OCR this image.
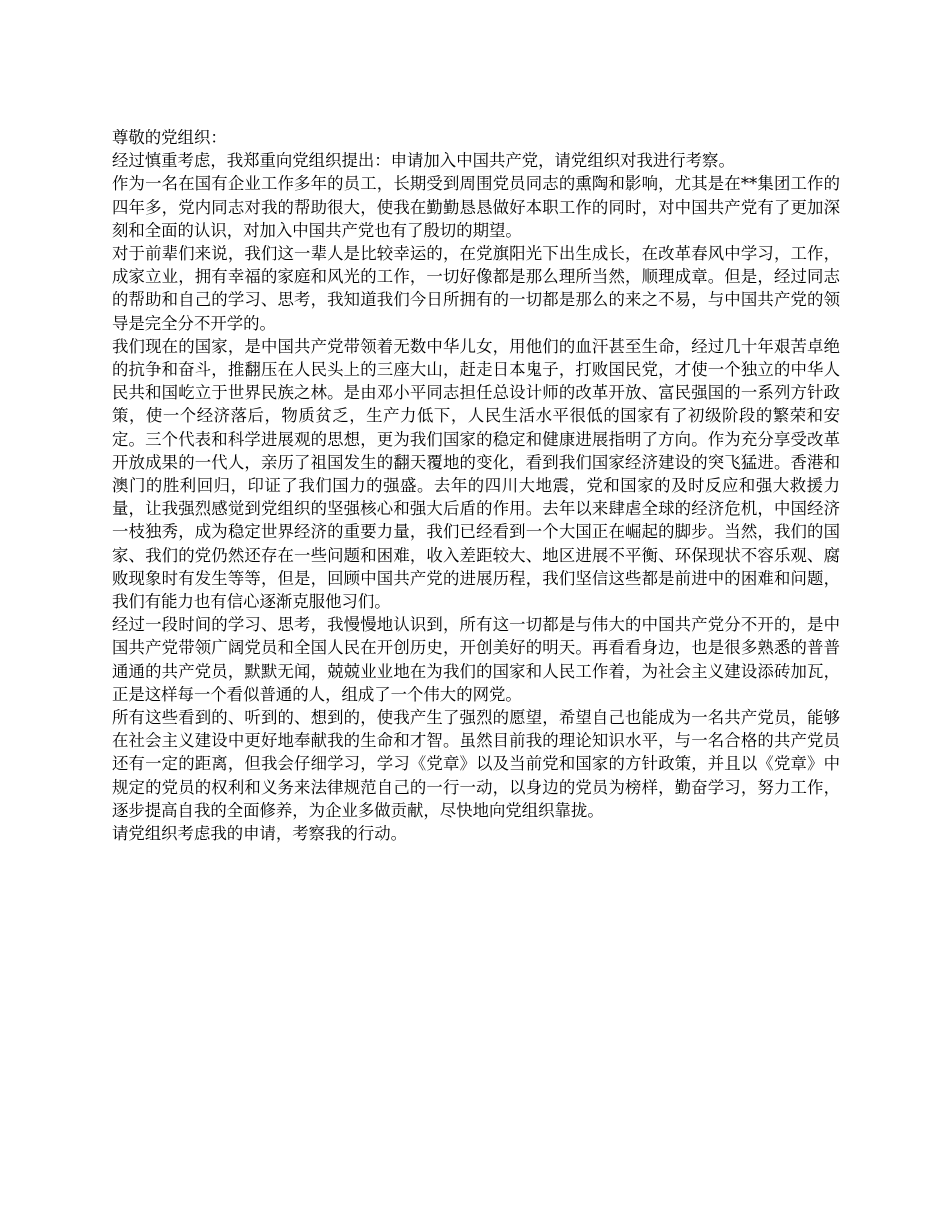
尊敬的党组织：

经过慎重考虑，我郑重向党组织提出：申请加入中国共产党，请党组织对我进行考察。

作为一名在国有企业工作多年的员工，长期受到周围党员同志的熏陶和影响，尤其是在**集团工作的四年多，党内同志对我的帮助很大，使我在勤勤恳恳做好本职工作的同时，对中国共产党有了更加深刻和全面的认识，对加入中国共产党也有了殷切的期望。

对于前辈们来说，我们这一辈人是比较幸运的，在党旗阳光下出生成长，在改革春风中学习，工作，成家立业，拥有幸福的家庭和风光的工作，一切好像都是那么理所当然，顺理成章。但是，经过同志的帮助和自己的学习、思考，我知道我们今日所拥有的一切都是那么的来之不易，与中国共产党的领导是完全分不开学的。

我们现在的国家，是中国共产党带领着无数中华儿女，用他们的血汗甚至生命，经过几十年艰苦卓绝的抗争和奋斗，推翻压在人民头上的三座大山，赶走日本鬼子，打败国民党，才使一个独立的中华人民共和国屹立于世界民族之林。是由邓小平同志担任总设计师的改革开放、富民强国的一系列方针政策，使一个经济落后，物质贫乏，生产力低下，人民生活水平很低的国家有了初级阶段的繁荣和安定。三个代表和科学进展观的思想，更为我们国家的稳定和健康进展指明了方向。作为充分享受改革开放成果的一代人，亲历了祖国发生的翻天覆地的变化，看到我们国家经济建设的突飞猛进。香港和澳门的胜利回归，印证了我们国力的强盛。去年的四川大地震，党和国家的及时反应和强大救援力量，让我强烈感觉到党组织的坚强核心和强大后盾的作用。去年以来肆虐全球的经济危机，中国经济一枝独秀，成为稳定世界经济的重要力量，我们已经看到一个大国正在崛起的脚步。当然，我们的国家、我们的党仍然还存在一些问题和困难，收入差距较大、地区进展不平衡、环保现状不容乐观、腐败现象时有发生等等，但是，回顾中国共产党的进展历程，我们坚信这些都是前进中的困难和问题，我们有能力也有信心逐渐克服他习们。

经过一段时间的学习、思考，我慢慢地认识到，所有这一切都是与伟大的中国共产党分不开的，是中国共产党带领广阔党员和全国人民在开创历史，开创美好的明天。再看看身边，也是很多熟悉的普普通通的共产党员，默默无闻，兢兢业业地在为我们的国家和人民工作着，为社会主义建设添砖加瓦，正是这样每一个看似普通的人，组成了一个伟大的网党。

所有这些看到的、听到的、想到的，使我产生了强烈的愿望，希望自己也能成为一名共产党员，能够在社会主义建设中更好地奉献我的生命和才智。虽然目前我的理论知识水平，与一名合格的共产党员还有一定的距离，但我会仔细学习，学习《党章》以及当前党和国家的方针政策，并且以《党章》中规定的党员的权利和义务来法律规范自己的一行一动，以身边的党员为榜样，勤奋学习，努力工作，逐步提高自我的全面修养，为企业多做贡献，尽快地向党组织靠拢。

请党组织考虑我的申请，考察我的行动。
